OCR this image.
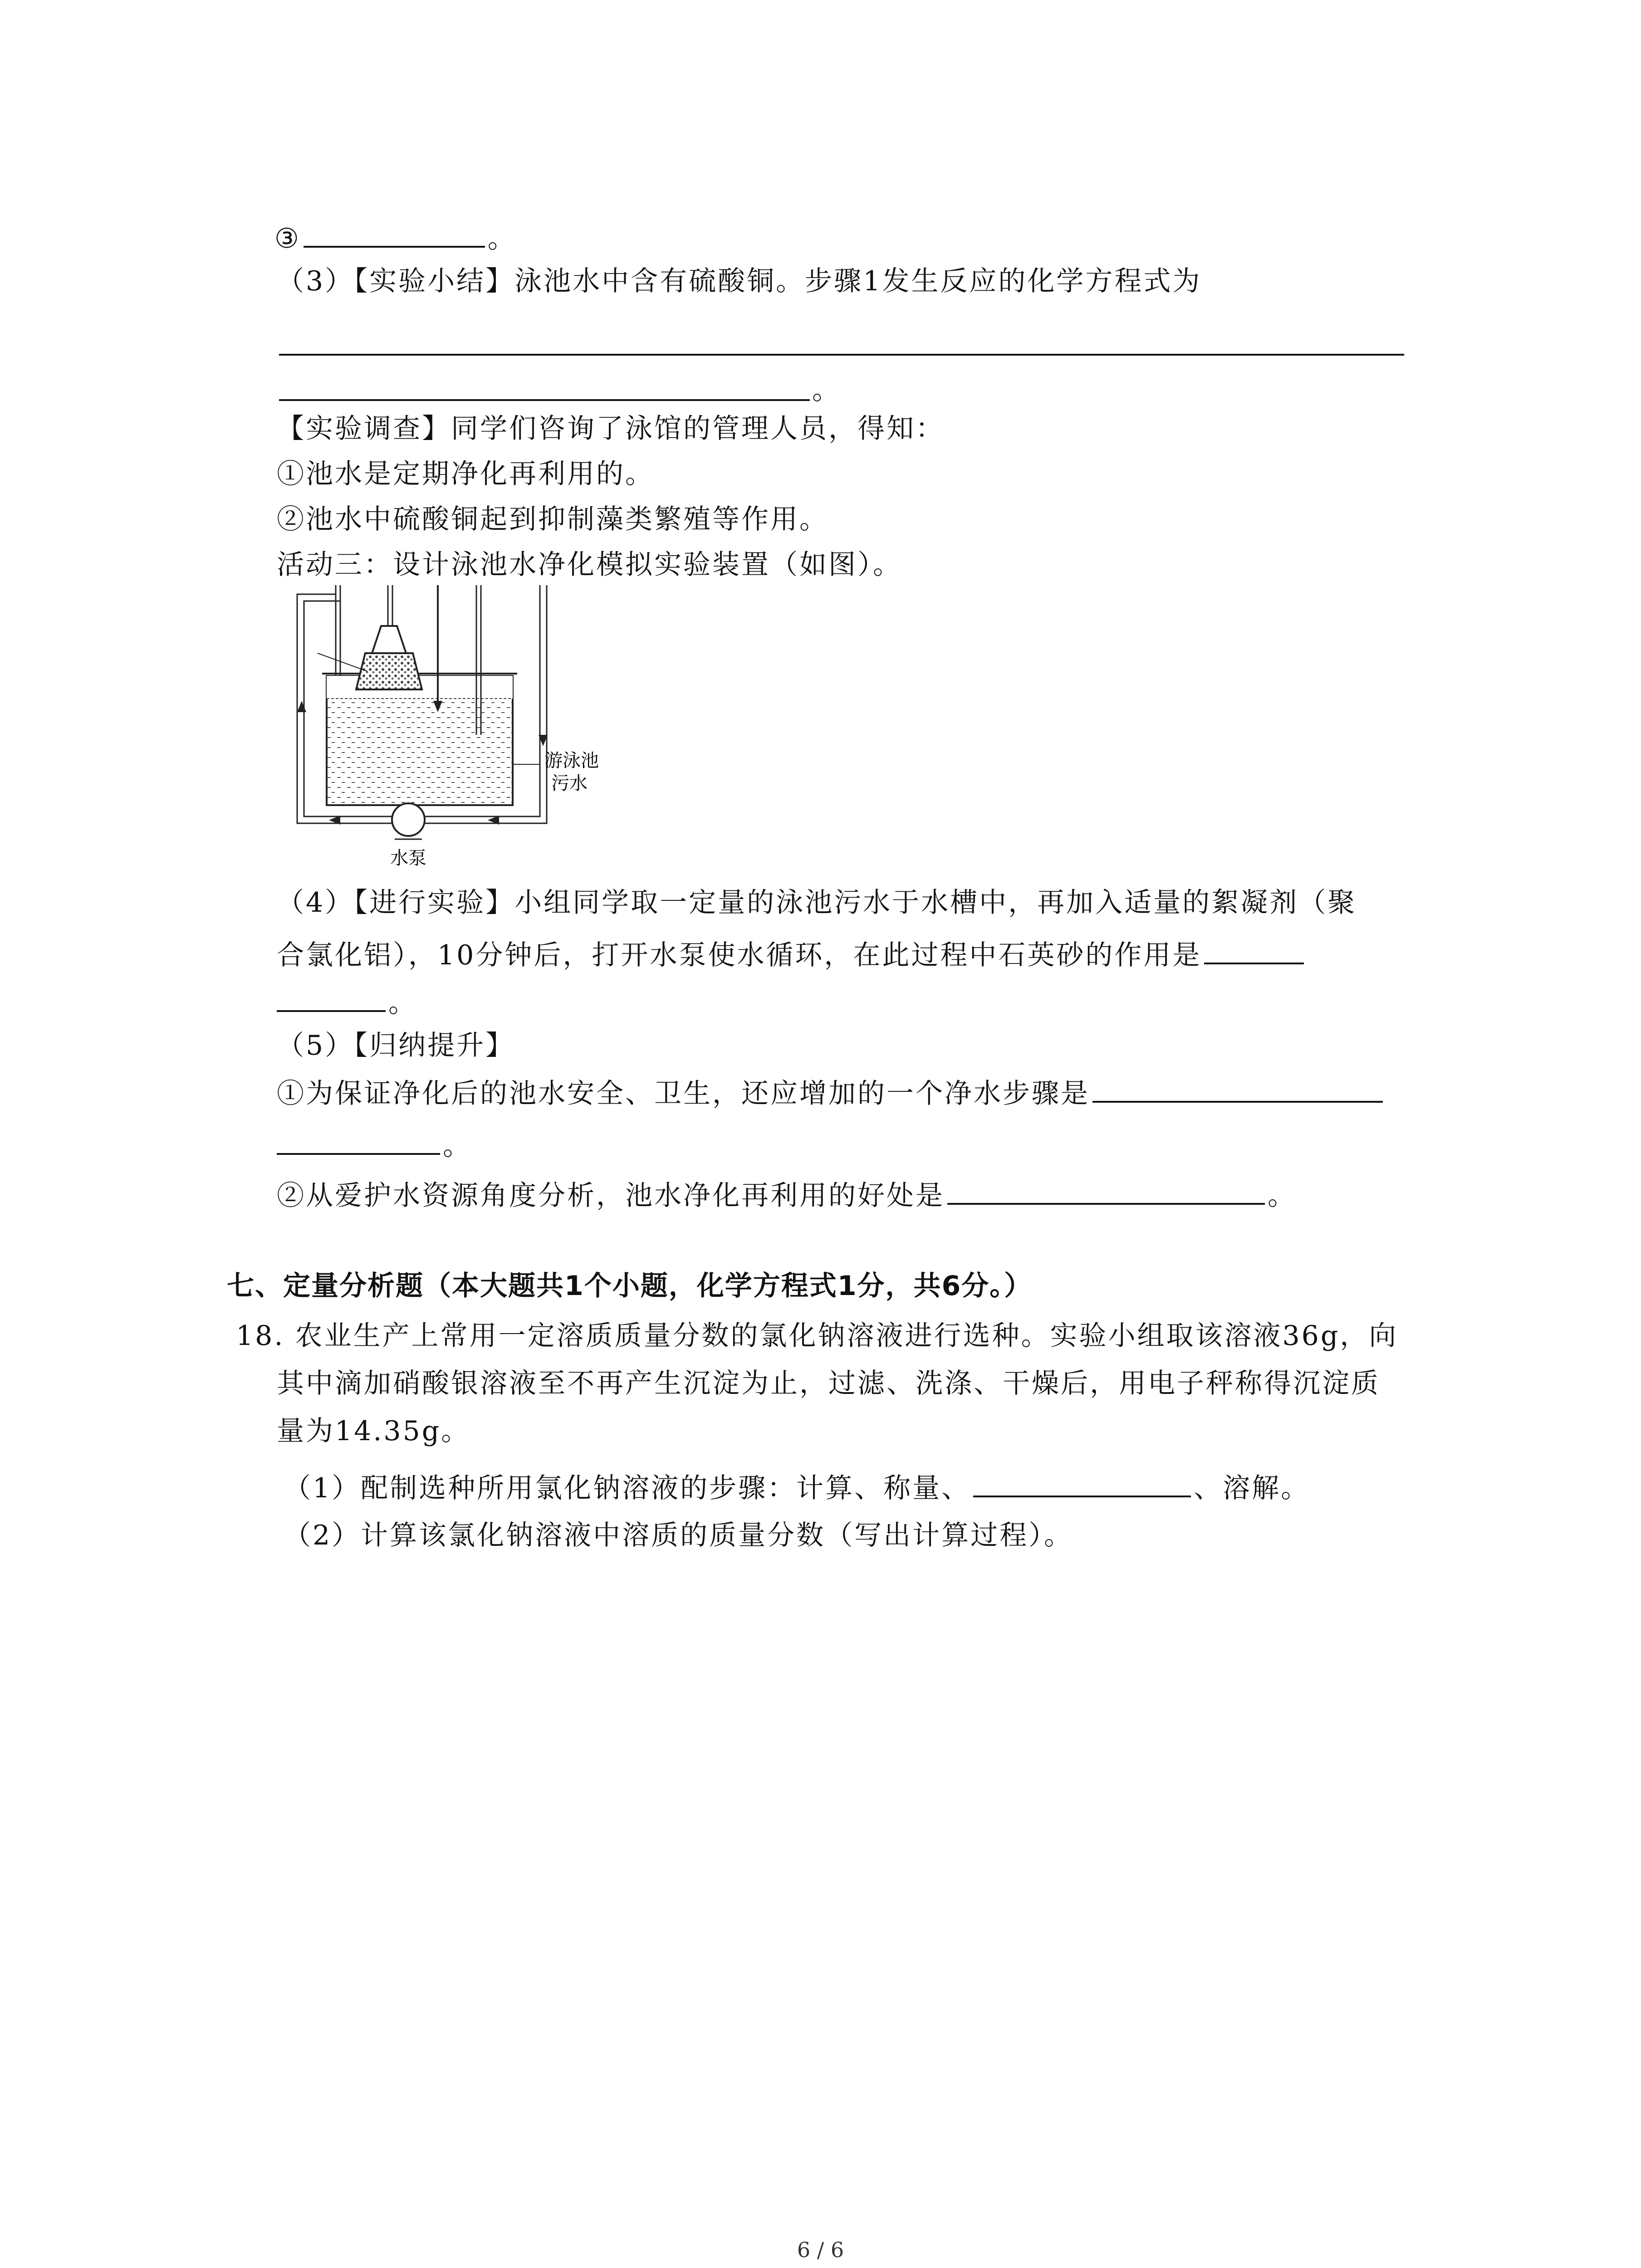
③	。
（3）【实验小结】泳池水中含有硫酸铜。步骤1发生反应的化学方程式为
。
【实验调查】同学们咨询了泳馆的管理人员，得知：
①池水是定期净化再利用的。
②池水中硫酸铜起到抑制藻类繁殖等作用。
活动三：设计泳池水净化模拟实验装置（如图）。
游泳池
污水
水泵
（4）【进行实验】小组同学取一定量的泳池污水于水槽中，再加入适量的絮凝剂（聚
合氯化铝），10分钟后，打开水泵使水循环，在此过程中石英砂的作用是
。
（5）【归纳提升】
①为保证净化后的池水安全、卫生，还应增加的一个净水步骤是
。
②从爱护水资源角度分析，池水净化再利用的好处是	。
七、定量分析题（本大题共1个小题，化学方程式1分，共6分。）
18. 农业生产上常用一定溶质质量分数的氯化钠溶液进行选种。实验小组取该溶液36g，向
其中滴加硝酸银溶液至不再产生沉淀为止，过滤、洗涤、干燥后，用电子秤称得沉淀质
量为14.35g。
（1）配制选种所用氯化钠溶液的步骤：计算、称量、	、溶解。
（2）计算该氯化钠溶液中溶质的质量分数（写出计算过程）。
6 / 6
